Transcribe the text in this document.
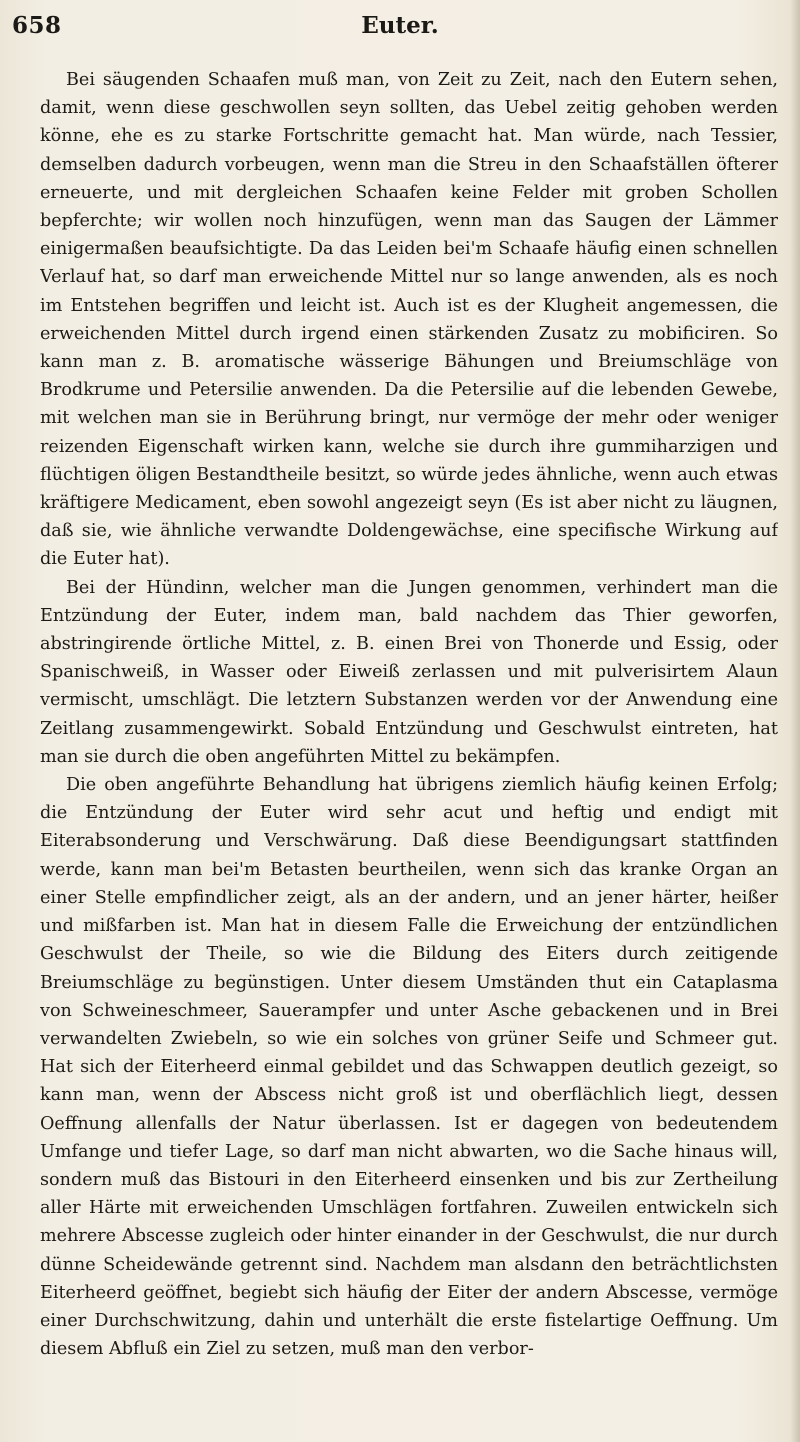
658	Euter.

Bei säugenden Schaafen muß man, von Zeit zu Zeit, nach den Eutern sehen, damit, wenn diese geschwollen seyn sollten, das Uebel zeitig gehoben werden könne, ehe es zu starke Fortschritte gemacht hat. Man würde, nach Tessier, demselben dadurch vorbeugen, wenn man die Streu in den Schaafställen öfterer erneuerte, und mit dergleichen Schaafen keine Felder mit groben Schollen bepferchte; wir wollen noch hinzufügen, wenn man das Saugen der Lämmer einigermaßen beaufsichtigte. Da das Leiden bei'm Schaafe häufig einen schnellen Verlauf hat, so darf man erweichende Mittel nur so lange anwenden, als es noch im Entstehen begriffen und leicht ist. Auch ist es der Klugheit angemessen, die erweichenden Mittel durch irgend einen stärkenden Zusatz zu mobificiren. So kann man z. B. aromatische wässerige Bähungen und Breiumschläge von Brodkrume und Petersilie anwenden. Da die Petersilie auf die lebenden Gewebe, mit welchen man sie in Berührung bringt, nur vermöge der mehr oder weniger reizenden Eigenschaft wirken kann, welche sie durch ihre gummiharzigen und flüchtigen öligen Bestandtheile besitzt, so würde jedes ähnliche, wenn auch etwas kräftigere Medicament, eben sowohl angezeigt seyn (Es ist aber nicht zu läugnen, daß sie, wie ähnliche verwandte Doldengewächse, eine specifische Wirkung auf die Euter hat).

Bei der Hündinn, welcher man die Jungen genommen, verhindert man die Entzündung der Euter, indem man, bald nachdem das Thier geworfen, abstringirende örtliche Mittel, z. B. einen Brei von Thonerde und Essig, oder Spanischweiß, in Wasser oder Eiweiß zerlassen und mit pulverisirtem Alaun vermischt, umschlägt. Die letztern Substanzen werden vor der Anwendung eine Zeitlang zusammengewirkt. Sobald Entzündung und Geschwulst eintreten, hat man sie durch die oben angeführten Mittel zu bekämpfen.

Die oben angeführte Behandlung hat übrigens ziemlich häufig keinen Erfolg; die Entzündung der Euter wird sehr acut und heftig und endigt mit Eiterabsonderung und Verschwärung. Daß diese Beendigungsart stattfinden werde, kann man bei'm Betasten beurtheilen, wenn sich das kranke Organ an einer Stelle empfindlicher zeigt, als an der andern, und an jener härter, heißer und mißfarben ist. Man hat in diesem Falle die Erweichung der entzündlichen Geschwulst der Theile, so wie die Bildung des Eiters durch zeitigende Breiumschläge zu begünstigen. Unter diesem Umständen thut ein Cataplasma von Schweineschmeer, Sauerampfer und unter Asche gebackenen und in Brei verwandelten Zwiebeln, so wie ein solches von grüner Seife und Schmeer gut. Hat sich der Eiterheerd einmal gebildet und das Schwappen deutlich gezeigt, so kann man, wenn der Abscess nicht groß ist und oberflächlich liegt, dessen Oeffnung allenfalls der Natur überlassen. Ist er dagegen von bedeutendem Umfange und tiefer Lage, so darf man nicht abwarten, wo die Sache hinaus will, sondern muß das Bistouri in den Eiterheerd einsenken und bis zur Zertheilung aller Härte mit erweichenden Umschlägen fortfahren. Zuweilen entwickeln sich mehrere Abscesse zugleich oder hinter einander in der Geschwulst, die nur durch dünne Scheidewände getrennt sind. Nachdem man alsdann den beträchtlichsten Eiterheerd geöffnet, begiebt sich häufig der Eiter der andern Abscesse, vermöge einer Durchschwitzung, dahin und unterhält die erste fistelartige Oeffnung. Um diesem Abfluß ein Ziel zu setzen, muß man den verbor-
